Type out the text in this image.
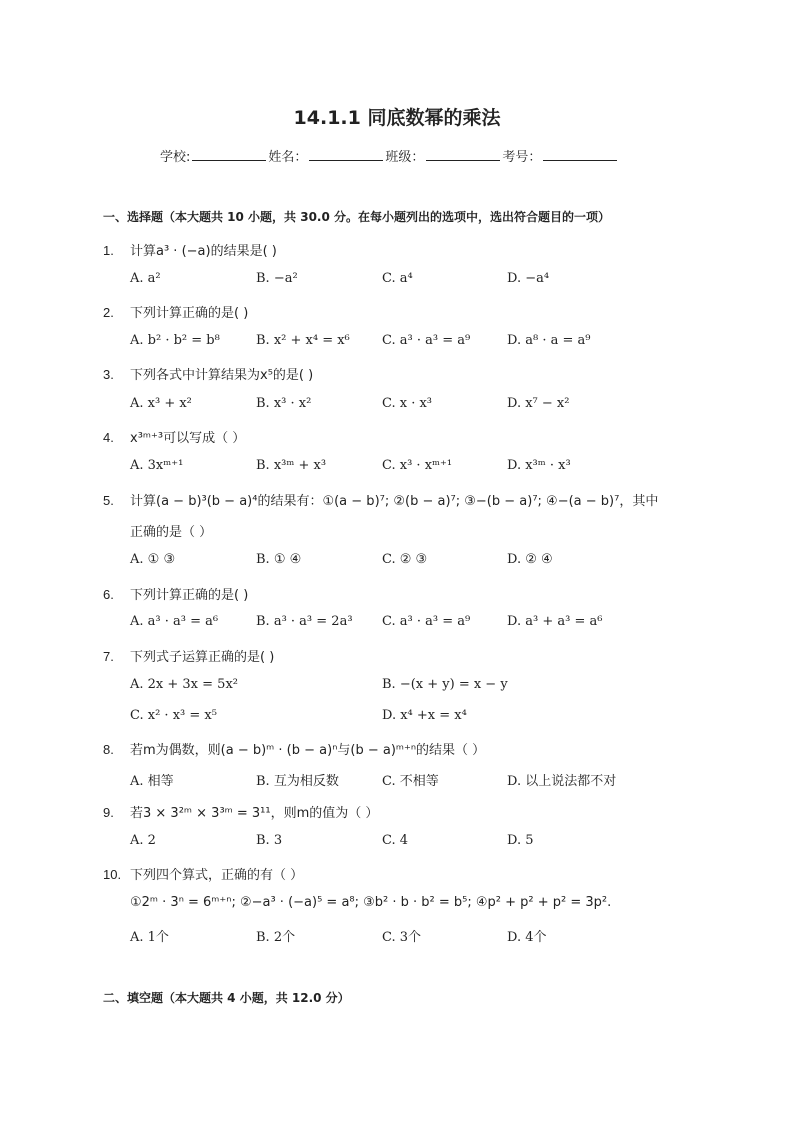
14.1.1 同底数幂的乘法
学校:	姓名：	班级：	考号：
一、选择题（本大题共 10 小题，共 30.0 分。在每小题列出的选项中，选出符合题目的一项）
1. 计算a³ · (−a)的结果是( )
A. a²	B. −a²	C. a⁴	D. −a⁴
2. 下列计算正确的是( )
A. b² · b² = b⁸	B. x² + x⁴ = x⁶ C. a³ · a³ = a⁹	D. a⁸ · a = a⁹
3. 下列各式中计算结果为x⁵的是( )
A. x³ + x²	B. x³ · x²	C. x · x³	D. x⁷ − x²
4. x³ᵐ⁺³可以写成（ ）
A. 3xᵐ⁺¹	B. x³ᵐ + x³	C. x³ · xᵐ⁺¹	D. x³ᵐ · x³
5. 计算(a − b)³(b − a)⁴的结果有：①(a − b)⁷; ②(b − a)⁷; ③−(b − a)⁷; ④−(a − b)⁷，其中
正确的是（ ）
A. ① ③	B. ① ④	C. ② ③	D. ② ④
6. 下列计算正确的是( )
A. a³ · a³ = a⁶	B. a³ · a³ = 2a³ C. a³ · a³ = a⁹	D. a³ + a³ = a⁶
7. 下列式子运算正确的是( )
A. 2x + 3x = 5x²	B. −(x + y) = x − y
C. x² · x³ = x⁵	D. x⁴ +x = x⁴
8. 若m为偶数，则(a − b)ᵐ · (b − a)ⁿ与(b − a)ᵐ⁺ⁿ的结果（ ）
A. 相等	B. 互为相反数	C. 不相等	D. 以上说法都不对
9. 若3 × 3²ᵐ × 3³ᵐ = 3¹¹，则m的值为（ ）
A. 2	B. 3	C. 4	D. 5
10. 下列四个算式，正确的有（ ）
①2ᵐ · 3ⁿ = 6ᵐ⁺ⁿ; ②−a³ · (−a)⁵ = a⁸; ③b² · b · b² = b⁵; ④p² + p² + p² = 3p².
A. 1个	B. 2个	C. 3个	D. 4个
二、填空题（本大题共 4 小题，共 12.0 分）
